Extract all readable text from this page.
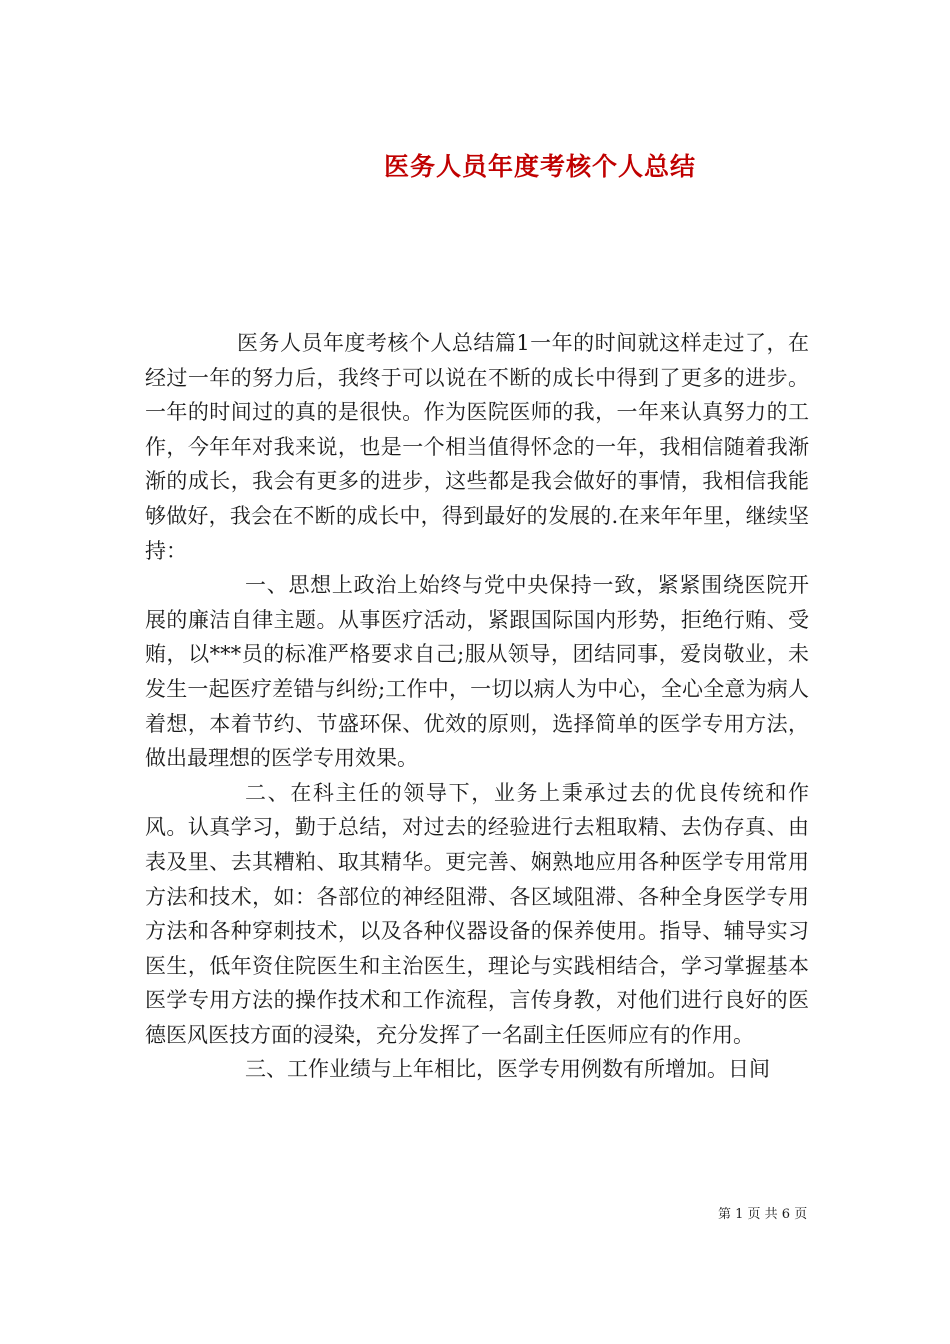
医务人员年度考核个人总结

医务人员年度考核个人总结篇1一年的时间就这样走过了，在经过一年的努力后，我终于可以说在不断的成长中得到了更多的进步。一年的时间过的真的是很快。作为医院医师的我，一年来认真努力的工作，今年年对我来说，也是一个相当值得怀念的一年，我相信随着我渐渐的成长，我会有更多的进步，这些都是我会做好的事情，我相信我能够做好，我会在不断的成长中，得到最好的发展的.在来年年里，继续坚持：

一、思想上政治上始终与党中央保持一致，紧紧围绕医院开展的廉洁自律主题。从事医疗活动，紧跟国际国内形势，拒绝行贿、受贿，以***员的标准严格要求自己;服从领导，团结同事，爱岗敬业，未发生一起医疗差错与纠纷;工作中，一切以病人为中心，全心全意为病人着想，本着节约、节盛环保、优效的原则，选择简单的医学专用方法，做出最理想的医学专用效果。

二、在科主任的领导下，业务上秉承过去的优良传统和作风。认真学习，勤于总结，对过去的经验进行去粗取精、去伪存真、由表及里、去其糟粕、取其精华。更完善、娴熟地应用各种医学专用常用方法和技术，如：各部位的神经阻滞、各区域阻滞、各种全身医学专用方法和各种穿刺技术，以及各种仪器设备的保养使用。指导、辅导实习医生，低年资住院医生和主治医生，理论与实践相结合，学习掌握基本医学专用方法的操作技术和工作流程，言传身教，对他们进行良好的医德医风医技方面的浸染，充分发挥了一名副主任医师应有的作用。

三、工作业绩与上年相比，医学专用例数有所增加。日间

第 1 页 共 6 页
